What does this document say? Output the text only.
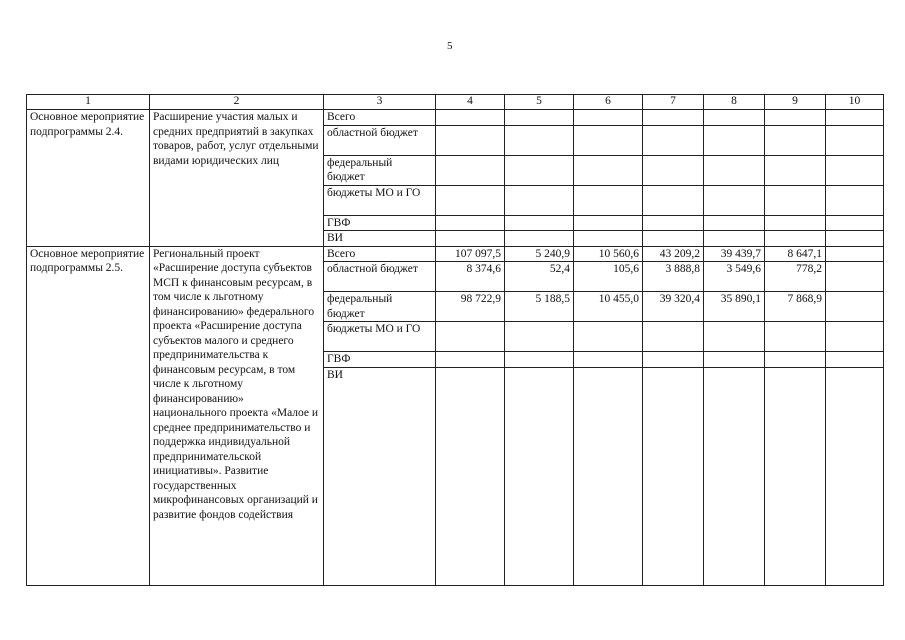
5
1	2	3	4	5	6	7	8	9	10
Основное мероприятие подпрограммы 2.4.	Расширение участия малых и средних предприятий в закупках товаров, работ, услуг отдельными видами юридических лиц	Всего							
		областной бюджет							
		федеральный бюджет							
		бюджеты МО и ГО							
		ГВФ							
		ВИ							
Основное мероприятие подпрограммы 2.5.	Региональный проект «Расширение доступа субъектов МСП к финансовым ресурсам, в том числе к льготному финансированию» федерального проекта «Расширение доступа субъектов малого и среднего предпринимательства к финансовым ресурсам, в том числе к льготному финансированию» национального проекта «Малое и среднее предпринимательство и поддержка индивидуальной предпринимательской инициативы». Развитие государственных микрофинансовых организаций и развитие фондов содействия	Всего	107 097,5	5 240,9	10 560,6	43 209,2	39 439,7	8 647,1	
		областной бюджет	8 374,6	52,4	105,6	3 888,8	3 549,6	778,2	
		федеральный бюджет	98 722,9	5 188,5	10 455,0	39 320,4	35 890,1	7 868,9	
		бюджеты МО и ГО							
		ГВФ							
		ВИ							
